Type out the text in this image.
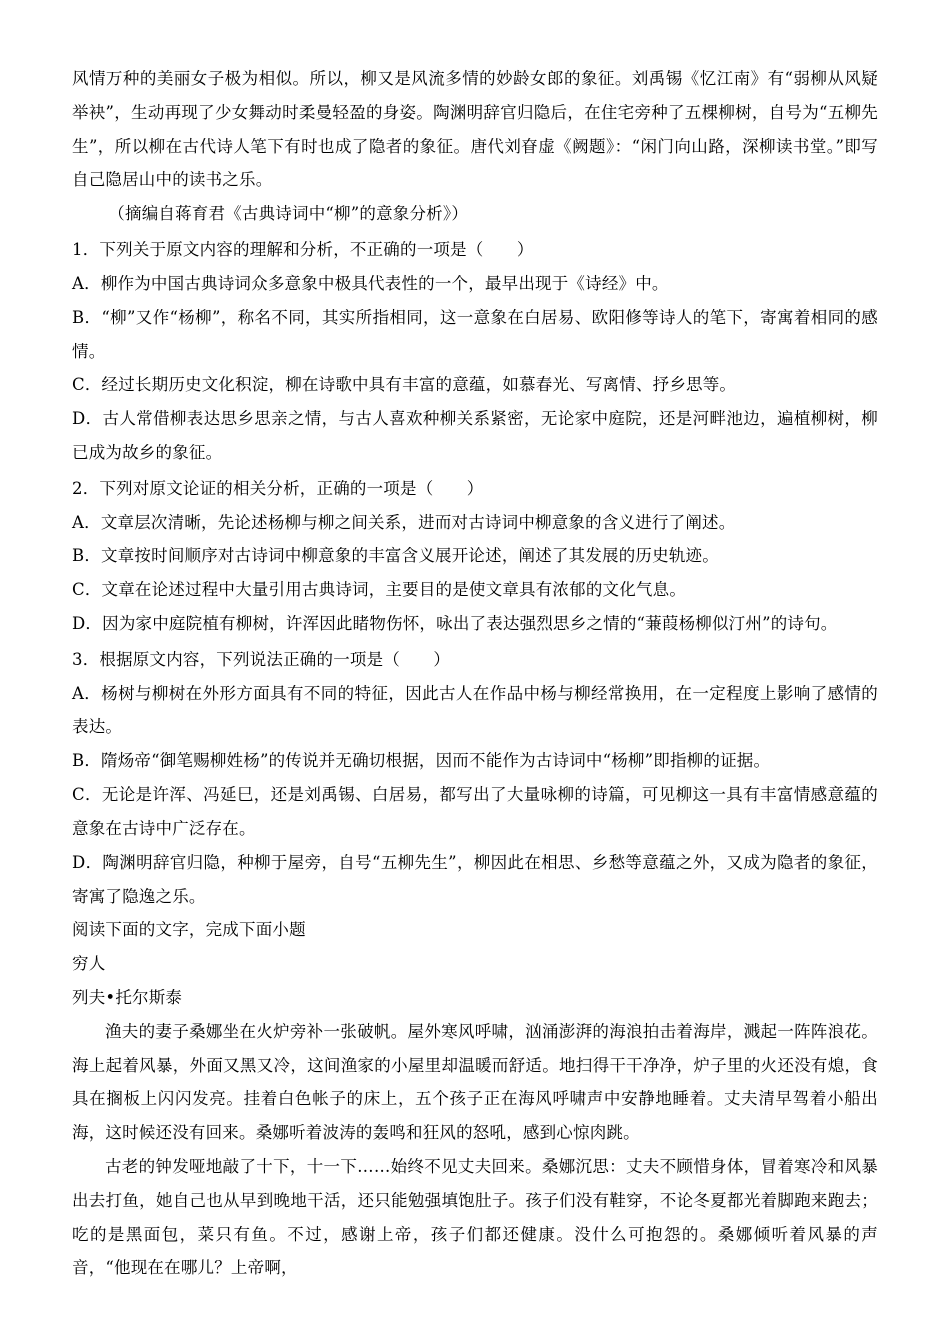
风情万种的美丽女子极为相似。所以，柳又是风流多情的妙龄女郎的象征。刘禹锡《忆江南》有“弱柳从风疑举袂”，生动再现了少女舞动时柔曼轻盈的身姿。陶渊明辞官归隐后，在住宅旁种了五棵柳树，自号为“五柳先生”，所以柳在古代诗人笔下有时也成了隐者的象征。唐代刘眘虚《阙题》：“闲门向山路，深柳读书堂。”即写自己隐居山中的读书之乐。

（摘编自蒋育君《古典诗词中“柳”的意象分析》）

1．下列关于原文内容的理解和分析，不正确的一项是（　　）

A．柳作为中国古典诗词众多意象中极具代表性的一个，最早出现于《诗经》中。

B．“柳”又作“杨柳”，称名不同，其实所指相同，这一意象在白居易、欧阳修等诗人的笔下，寄寓着相同的感情。

C．经过长期历史文化积淀，柳在诗歌中具有丰富的意蕴，如慕春光、写离情、抒乡思等。

D．古人常借柳表达思乡思亲之情，与古人喜欢种柳关系紧密，无论家中庭院，还是河畔池边，遍植柳树，柳已成为故乡的象征。

2．下列对原文论证的相关分析，正确的一项是（　　）

A．文章层次清晰，先论述杨柳与柳之间关系，进而对古诗词中柳意象的含义进行了阐述。

B．文章按时间顺序对古诗词中柳意象的丰富含义展开论述，阐述了其发展的历史轨迹。

C．文章在论述过程中大量引用古典诗词，主要目的是使文章具有浓郁的文化气息。

D．因为家中庭院植有柳树，许浑因此睹物伤怀，咏出了表达强烈思乡之情的“蒹葭杨柳似汀州”的诗句。

3．根据原文内容，下列说法正确的一项是（　　）

A．杨树与柳树在外形方面具有不同的特征，因此古人在作品中杨与柳经常换用，在一定程度上影响了感情的表达。

B．隋炀帝“御笔赐柳姓杨”的传说并无确切根据，因而不能作为古诗词中“杨柳”即指柳的证据。

C．无论是许浑、冯延巳，还是刘禹锡、白居易，都写出了大量咏柳的诗篇，可见柳这一具有丰富情感意蕴的意象在古诗中广泛存在。

D．陶渊明辞官归隐，种柳于屋旁，自号“五柳先生”，柳因此在相思、乡愁等意蕴之外，又成为隐者的象征，寄寓了隐逸之乐。

阅读下面的文字，完成下面小题

穷人

列夫•托尔斯泰

渔夫的妻子桑娜坐在火炉旁补一张破帆。屋外寒风呼啸，汹涌澎湃的海浪拍击着海岸，溅起一阵阵浪花。海上起着风暴，外面又黑又冷，这间渔家的小屋里却温暖而舒适。地扫得干干净净，炉子里的火还没有熄，食具在搁板上闪闪发亮。挂着白色帐子的床上，五个孩子正在海风呼啸声中安静地睡着。丈夫清早驾着小船出海，这时候还没有回来。桑娜听着波涛的轰鸣和狂风的怒吼，感到心惊肉跳。

古老的钟发哑地敲了十下，十一下……始终不见丈夫回来。桑娜沉思：丈夫不顾惜身体，冒着寒冷和风暴出去打鱼，她自己也从早到晚地干活，还只能勉强填饱肚子。孩子们没有鞋穿，不论冬夏都光着脚跑来跑去；吃的是黑面包，菜只有鱼。不过，感谢上帝，孩子们都还健康。没什么可抱怨的。桑娜倾听着风暴的声音，“他现在在哪儿？上帝啊，
